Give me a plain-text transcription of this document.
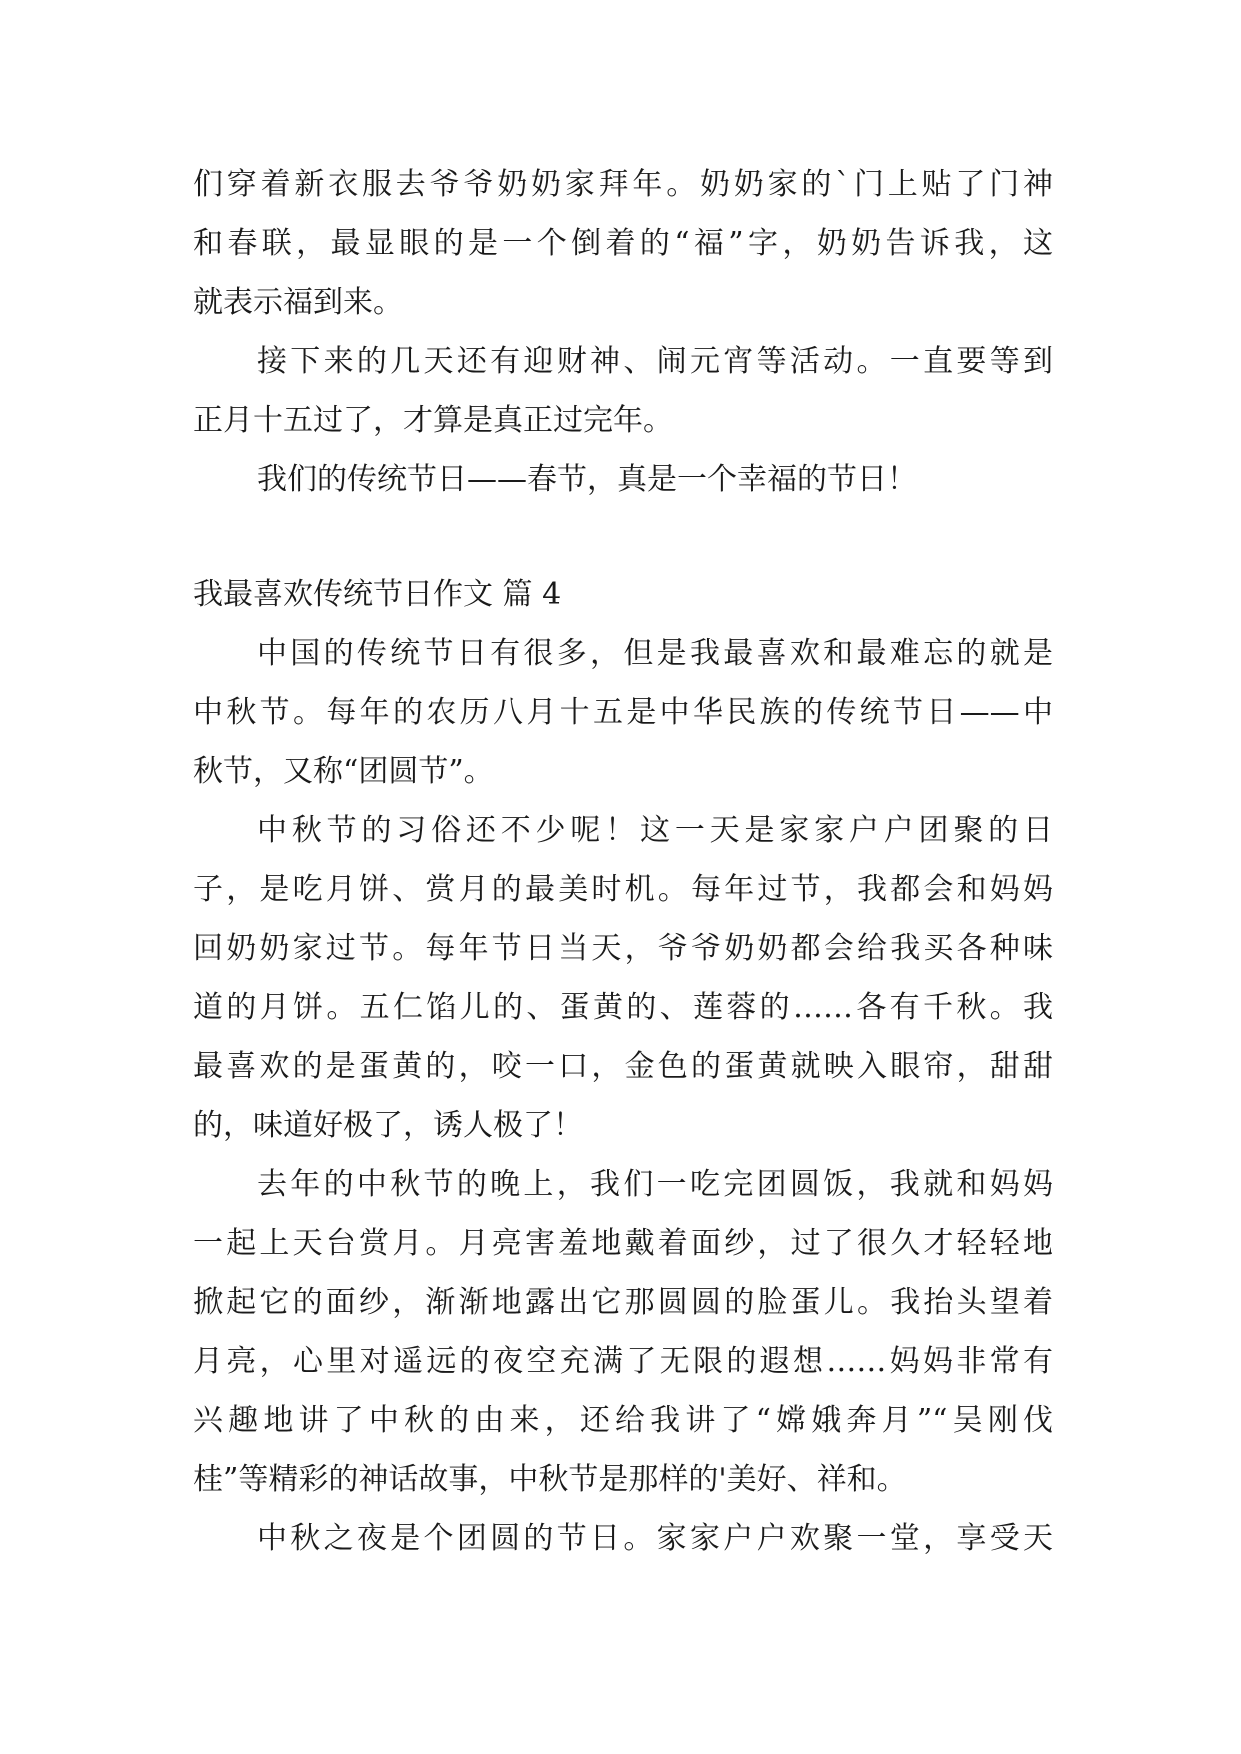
们穿着新衣服去爷爷奶奶家拜年。奶奶家的`门上贴了门神
和春联，最显眼的是一个倒着的“福”字，奶奶告诉我，这
就表示福到来。
接下来的几天还有迎财神、闹元宵等活动。一直要等到
正月十五过了，才算是真正过完年。
我们的传统节日——春节，真是一个幸福的节日！
我最喜欢传统节日作文 篇 4
中国的传统节日有很多，但是我最喜欢和最难忘的就是
中秋节。每年的农历八月十五是中华民族的传统节日——中
秋节，又称“团圆节”。
中秋节的习俗还不少呢！这一天是家家户户团聚的日
子，是吃月饼、赏月的最美时机。每年过节，我都会和妈妈
回奶奶家过节。每年节日当天，爷爷奶奶都会给我买各种味
道的月饼。五仁馅儿的、蛋黄的、莲蓉的……各有千秋。我
最喜欢的是蛋黄的，咬一口，金色的蛋黄就映入眼帘，甜甜
的，味道好极了，诱人极了！
去年的中秋节的晚上，我们一吃完团圆饭，我就和妈妈
一起上天台赏月。月亮害羞地戴着面纱，过了很久才轻轻地
掀起它的面纱，渐渐地露出它那圆圆的脸蛋儿。我抬头望着
月亮，心里对遥远的夜空充满了无限的遐想……妈妈非常有
兴趣地讲了中秋的由来，还给我讲了“嫦娥奔月”“吴刚伐
桂”等精彩的神话故事，中秋节是那样的'美好、祥和。
中秋之夜是个团圆的节日。家家户户欢聚一堂，享受天
